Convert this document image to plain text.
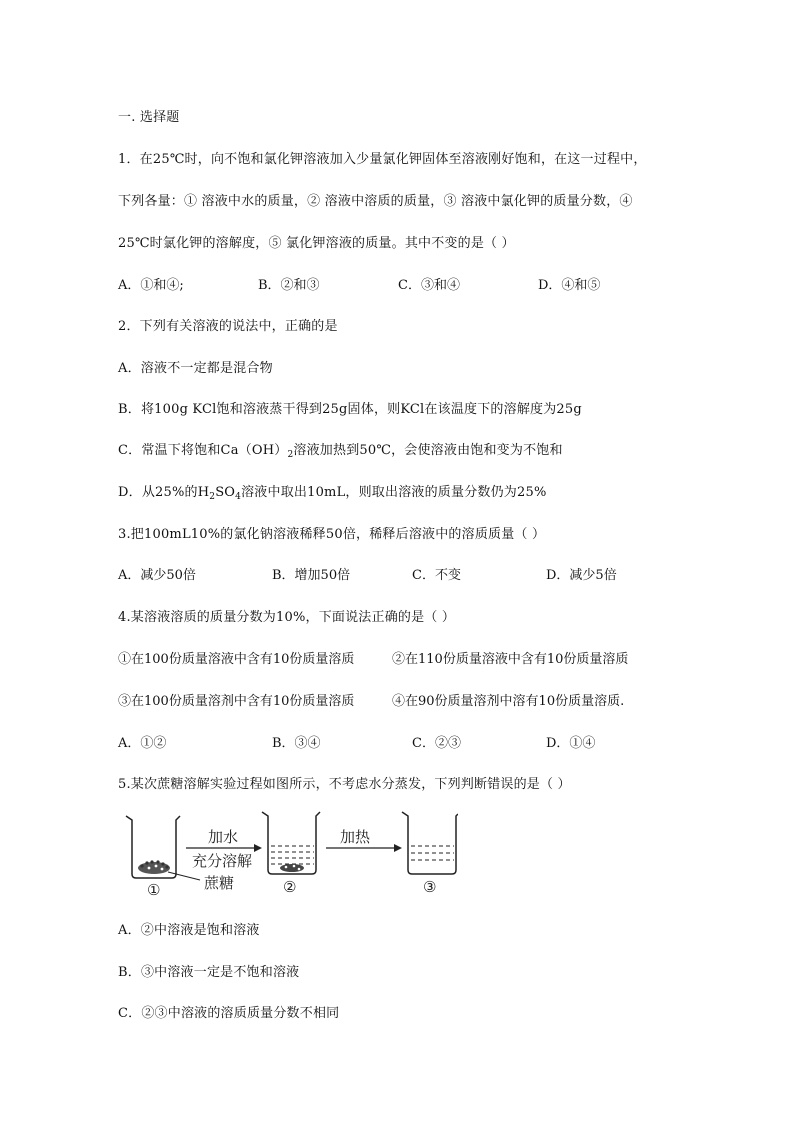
一. 选择题
1．在25℃时，向不饱和氯化钾溶液加入少量氯化钾固体至溶液刚好饱和，在这一过程中，
下列各量：① 溶液中水的质量，② 溶液中溶质的质量，③ 溶液中氯化钾的质量分数，④
25℃时氯化钾的溶解度，⑤ 氯化钾溶液的质量。其中不变的是（ ）
A．①和④;	B．②和③	C．③和④	D．④和⑤
2．下列有关溶液的说法中，正确的是
A．溶液不一定都是混合物
B．将100g KCl饱和溶液蒸干得到25g固体，则KCl在该温度下的溶解度为25g
C．常温下将饱和$Ca(OH)_2$溶液加热到50℃，会使溶液由饱和变为不饱和
D．从25%的$H_2SO_4$溶液中取出10mL，则取出溶液的质量分数仍为25%
3.把100mL10%的氯化钠溶液稀释50倍，稀释后溶液中的溶质质量（ ）
A．减少50倍	B．增加50倍	C．不变	D．减少5倍
4.某溶液溶质的质量分数为10%，下面说法正确的是（ ）
①在100份质量溶液中含有10份质量溶质	②在110份质量溶液中含有10份质量溶质
③在100份质量溶剂中含有10份质量溶质	④在90份质量溶剂中溶有10份质量溶质.
A．①②	B．③④	C．②③	D．①④
5.某次蔗糖溶解实验过程如图所示，不考虑水分蒸发，下列判断错误的是（ ）
①
加水
充分溶解
蔗糖	②
加热
③
A．②中溶液是饱和溶液
B．③中溶液一定是不饱和溶液
C．②③中溶液的溶质质量分数不相同
